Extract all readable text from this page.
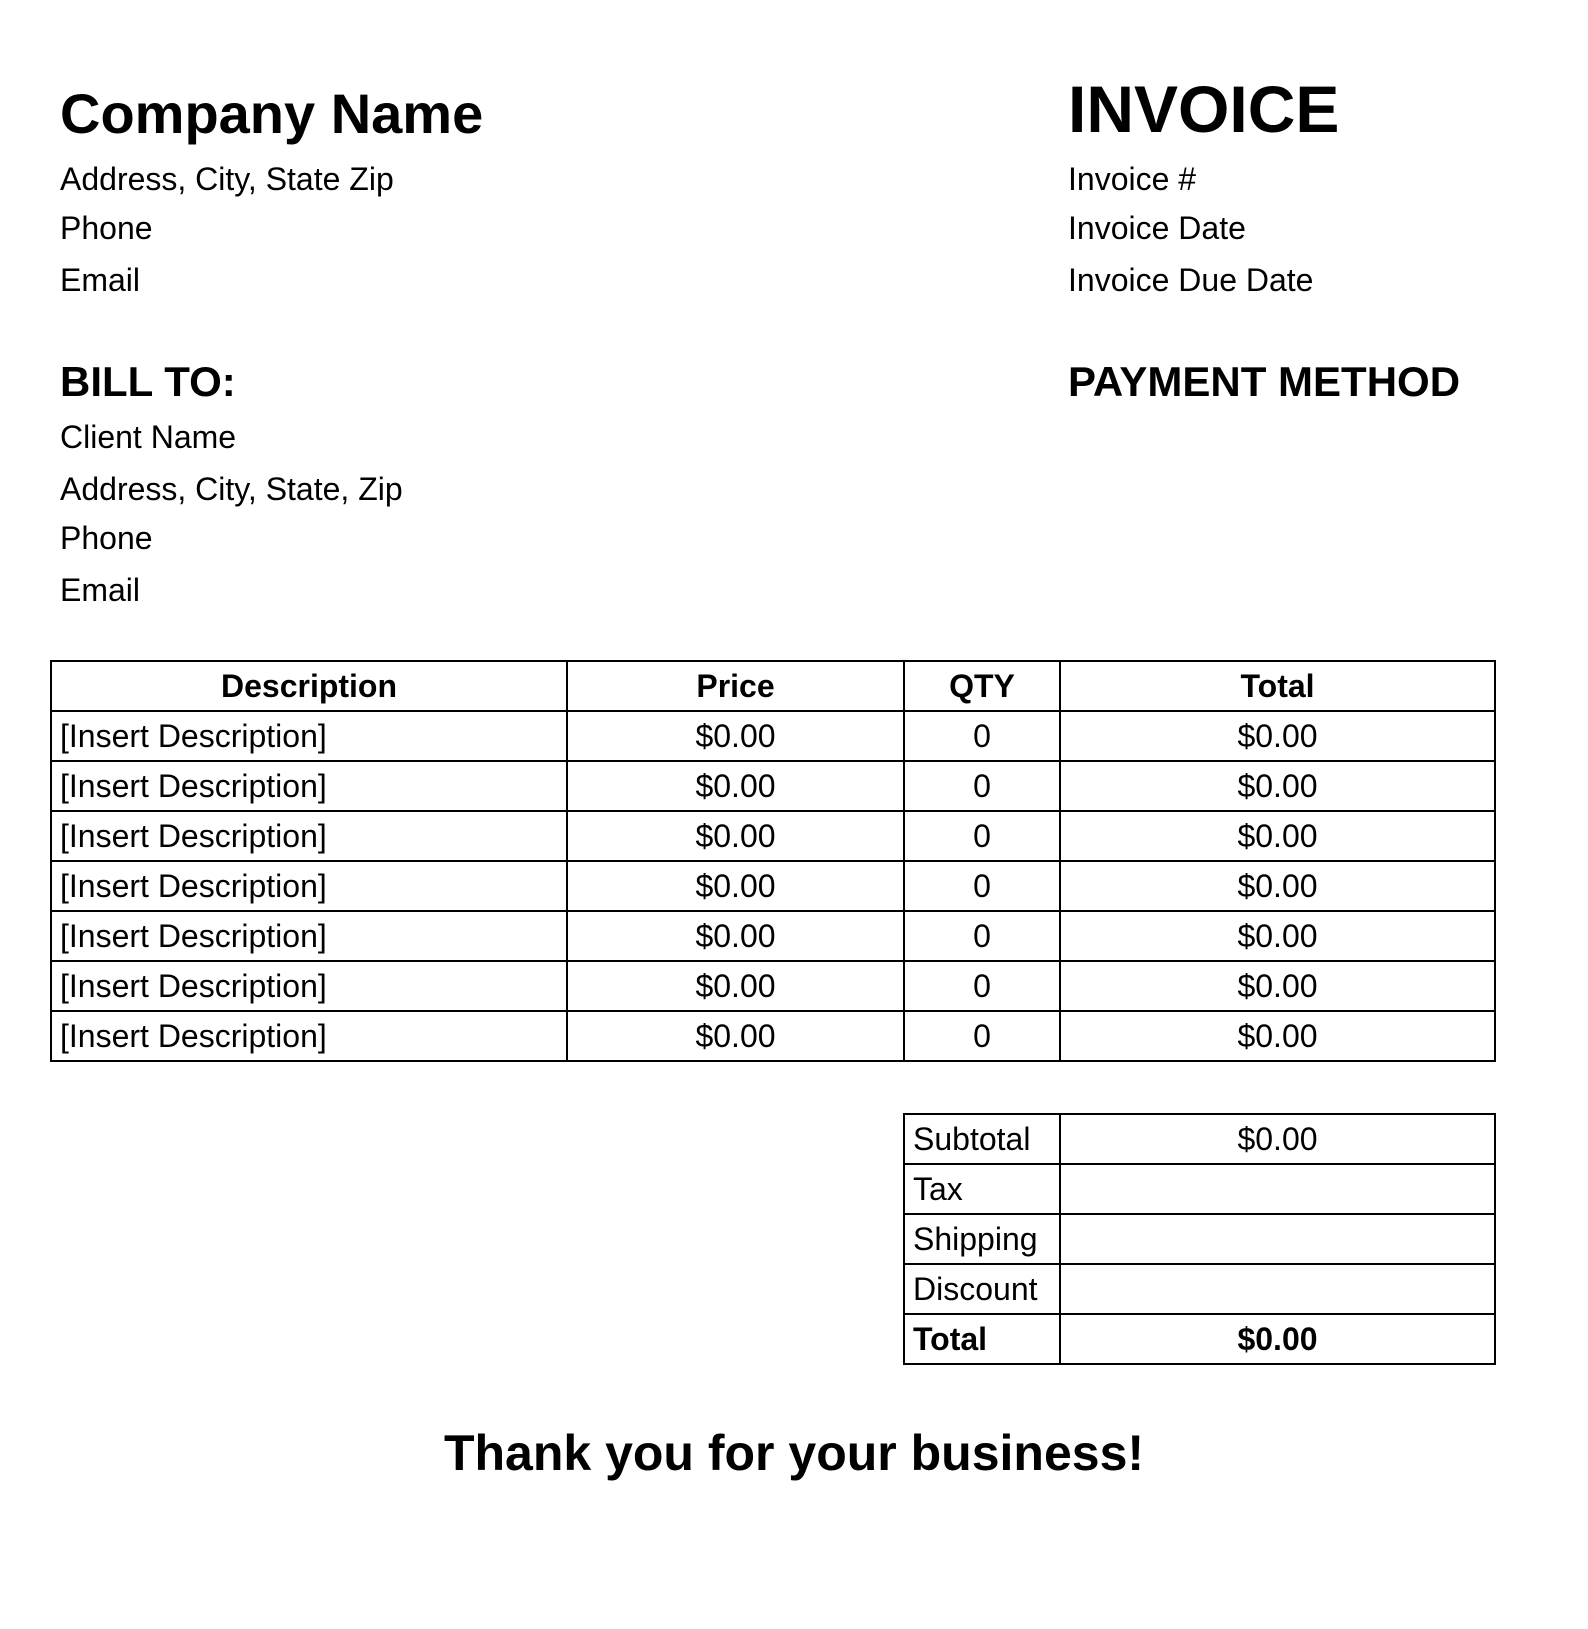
Company Name
Address, City, State Zip
Phone
Email
INVOICE
Invoice #
Invoice Date
Invoice Due Date
BILL TO:
Client Name
Address, City, State, Zip
Phone
Email
PAYMENT METHOD
Description	Price	QTY	Total
[Insert Description]	$0.00	0	$0.00
[Insert Description]	$0.00	0	$0.00
[Insert Description]	$0.00	0	$0.00
[Insert Description]	$0.00	0	$0.00
[Insert Description]	$0.00	0	$0.00
[Insert Description]	$0.00	0	$0.00
[Insert Description]	$0.00	0	$0.00
Subtotal	$0.00
Tax	
Shipping	
Discount	
Total	$0.00
Thank you for your business!
